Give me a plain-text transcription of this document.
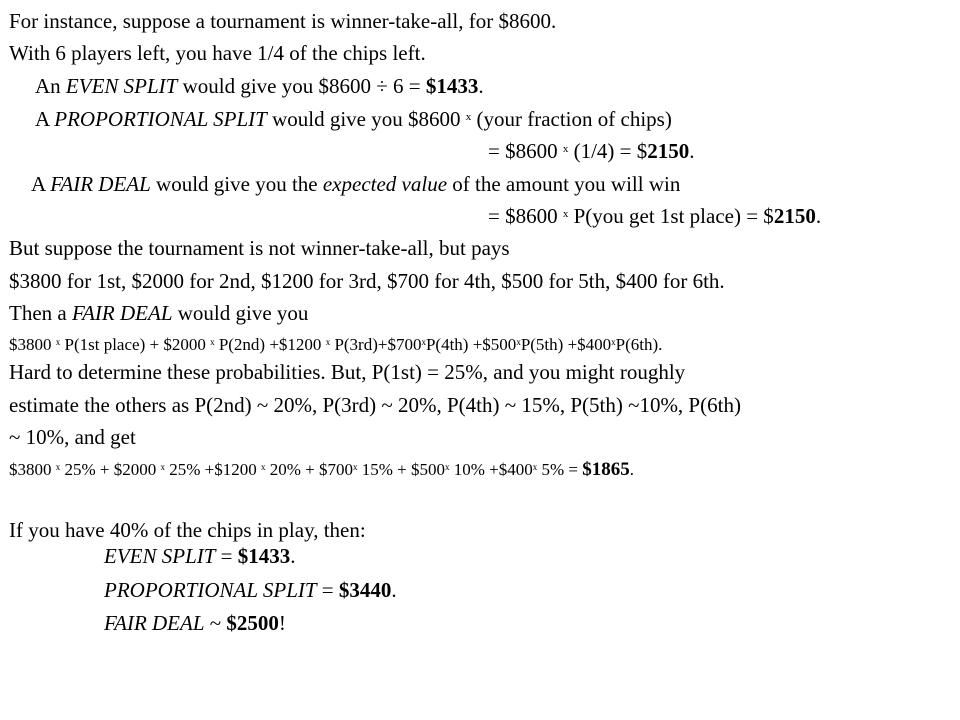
For instance, suppose a tournament is winner-take-all, for $8600.
With 6 players left, you have 1/4 of the chips left.
An EVEN SPLIT would give you $8600 ÷ 6 = $1433.
A PROPORTIONAL SPLIT would give you $8600 $^x$ (your fraction of chips)
= $8600 $^x$ (1/4) = $2150.
A FAIR DEAL would give you the expected value of the amount you will win
= $8600 $^x$ P(you get 1st place) = $2150.
But suppose the tournament is not winner-take-all, but pays
$3800 for 1st, $2000 for 2nd, $1200 for 3rd, $700 for 4th, $500 for 5th, $400 for 6th.
Then a FAIR DEAL would give you
$3800 $^x$ P(1st place) + $2000 $^x$ P(2nd) +$1200 $^x$ $P(3rd)+\$700^xP(4th)$ $+\$500^xP(5th)$ $+\$400^xP(6th)$.
Hard to determine these probabilities. But, P(1st) = 25%, and you might roughly
estimate the others as P(2nd) ~ 20%, P(3rd) ~ 20%, P(4th) ~ 15%, P(5th) ~10%, P(6th)
~ 10%, and get
$3800 $^x$ 25% + $2000 $^x$ 25% +$1200 $^x$ $20\% + \$700^x$ $15\% + \$500^x$ $10\% +\$400^x$ 5% = $1865.
If you have 40% of the chips in play, then:
EVEN SPLIT = $1433.
PROPORTIONAL SPLIT = $3440.
FAIR DEAL ~ $2500!
